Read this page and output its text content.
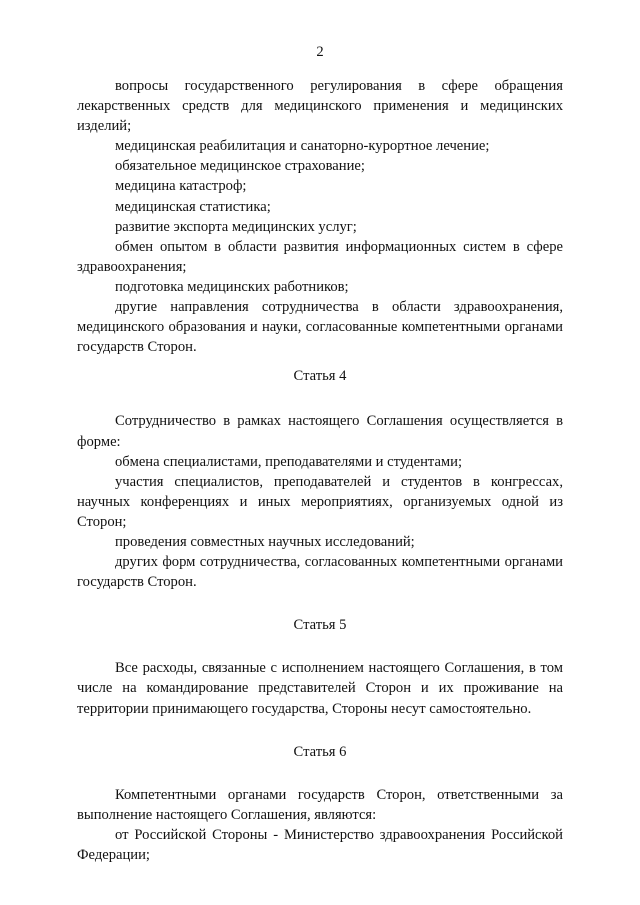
2

вопросы государственного регулирования в сфере обращения лекарственных средств для медицинского применения и медицинских изделий;

медицинская реабилитация и санаторно-курортное лечение;

обязательное медицинское страхование;

медицина катастроф;

медицинская статистика;

развитие экспорта медицинских услуг;

обмен опытом в области развития информационных систем в сфере здравоохранения;

подготовка медицинских работников;

другие направления сотрудничества в области здравоохранения, медицинского образования и науки, согласованные компетентными органами государств Сторон.

Статья 4

Сотрудничество в рамках настоящего Соглашения осуществляется в форме:

обмена специалистами, преподавателями и студентами;

участия специалистов, преподавателей и студентов в конгрессах, научных конференциях и иных мероприятиях, организуемых одной из Сторон;

проведения совместных научных исследований;

других форм сотрудничества, согласованных компетентными органами государств Сторон.

Статья 5

Все расходы, связанные с исполнением настоящего Соглашения, в том числе на командирование представителей Сторон и их проживание на территории принимающего государства, Стороны несут самостоятельно.

Статья 6

Компетентными органами государств Сторон, ответственными за выполнение настоящего Соглашения, являются:

от Российской Стороны - Министерство здравоохранения Российской Федерации;
